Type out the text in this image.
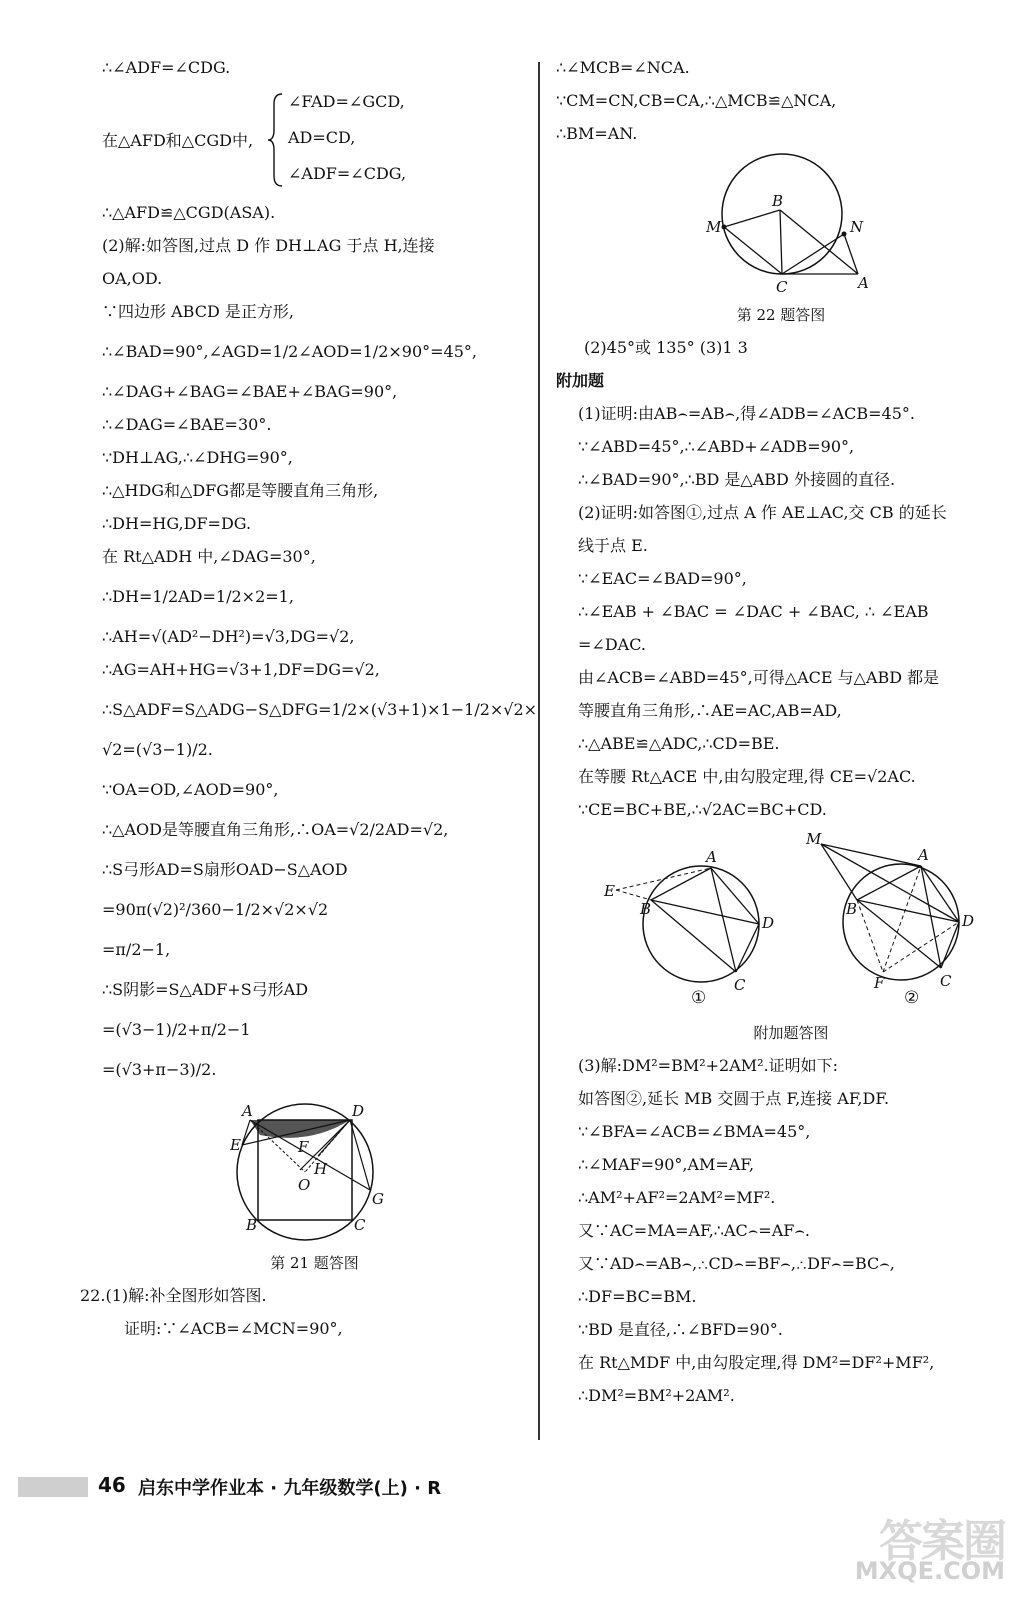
∴∠ADF=∠CDG.
在△AFD和△CGD中,
∠FAD=∠GCD,
AD=CD,
∠ADF=∠CDG,
∴△AFD≌△CGD(ASA).
(2)解:如答图,过点 D 作 DH⊥AG 于点 H,连接
OA,OD.
∵四边形 ABCD 是正方形,
∴∠BAD=90°,∠AGD=1/2∠AOD=1/2×90°=45°,
∴∠DAG+∠BAG=∠BAE+∠BAG=90°,
∴∠DAG=∠BAE=30°.
∵DH⊥AG,∴∠DHG=90°,
∴△HDG和△DFG都是等腰直角三角形,
∴DH=HG,DF=DG.
在 Rt△ADH 中,∠DAG=30°,
∴DH=1/2AD=1/2×2=1,
∴AH=√(AD²−DH²)=√3,DG=√2,
∴AG=AH+HG=√3+1,DF=DG=√2,
∴S△ADF=S△ADG−S△DFG=1/2×(√3+1)×1−1/2×√2×
√2=(√3−1)/2.
∵OA=OD,∠AOD=90°,
∴△AOD是等腰直角三角形,∴OA=√2/2AD=√2,
∴S弓形AD=S扇形OAD−S△AOD
=90π(√2)²/360−1/2×√2×√2
=π/2−1,
∴S阴影=S△ADF+S弓形AD
=(√3−1)/2+π/2−1
=(√3+π−3)/2.
A	D
E	F
O
H
G
B	C
第 21 题答图
22.(1)解:补全图形如答图.
证明:∵∠ACB=∠MCN=90°,
∴∠MCB=∠NCA.
∵CM=CN,CB=CA,∴△MCB≌△NCA,
∴BM=AN.
M
B
N
C	A
第 22 题答图
(2)45°或 135° (3)1 3
附加题
(1)证明:由AB⌢=AB⌢,得∠ADB=∠ACB=45°.
∵∠ABD=45°,∴∠ABD+∠ADB=90°,
∴∠BAD=90°,∴BD 是△ABD 外接圆的直径.
(2)证明:如答图①,过点 A 作 AE⊥AC,交 CB 的延长
线于点 E.
∵∠EAC=∠BAD=90°,
∴∠EAB + ∠BAC = ∠DAC + ∠BAC, ∴ ∠EAB
=∠DAC.
由∠ACB=∠ABD=45°,可得△ACE 与△ABD 都是
等腰直角三角形,∴AE=AC,AB=AD,
∴△ABE≌△ADC,∴CD=BE.
在等腰 Rt△ACE 中,由勾股定理,得 CE=√2AC.
∵CE=BC+BE,∴√2AC=BC+CD.
E
A
B
D
C
M
A
B
D
C
F
①	②
附加题答图
(3)解:DM²=BM²+2AM².证明如下:
如答图②,延长 MB 交圆于点 F,连接 AF,DF.
∵∠BFA=∠ACB=∠BMA=45°,
∴∠MAF=90°,AM=AF,
∴AM²+AF²=2AM²=MF².
又∵AC=MA=AF,∴AC⌢=AF⌢.
又∵AD⌢=AB⌢,∴CD⌢=BF⌢,∴DF⌢=BC⌢,
∴DF=BC=BM.
∵BD 是直径,∴∠BFD=90°.
在 Rt△MDF 中,由勾股定理,得 DM²=DF²+MF²,
∴DM²=BM²+2AM².
46 启东中学作业本 · 九年级数学(上) · R
答案圈
MXQE.COM
